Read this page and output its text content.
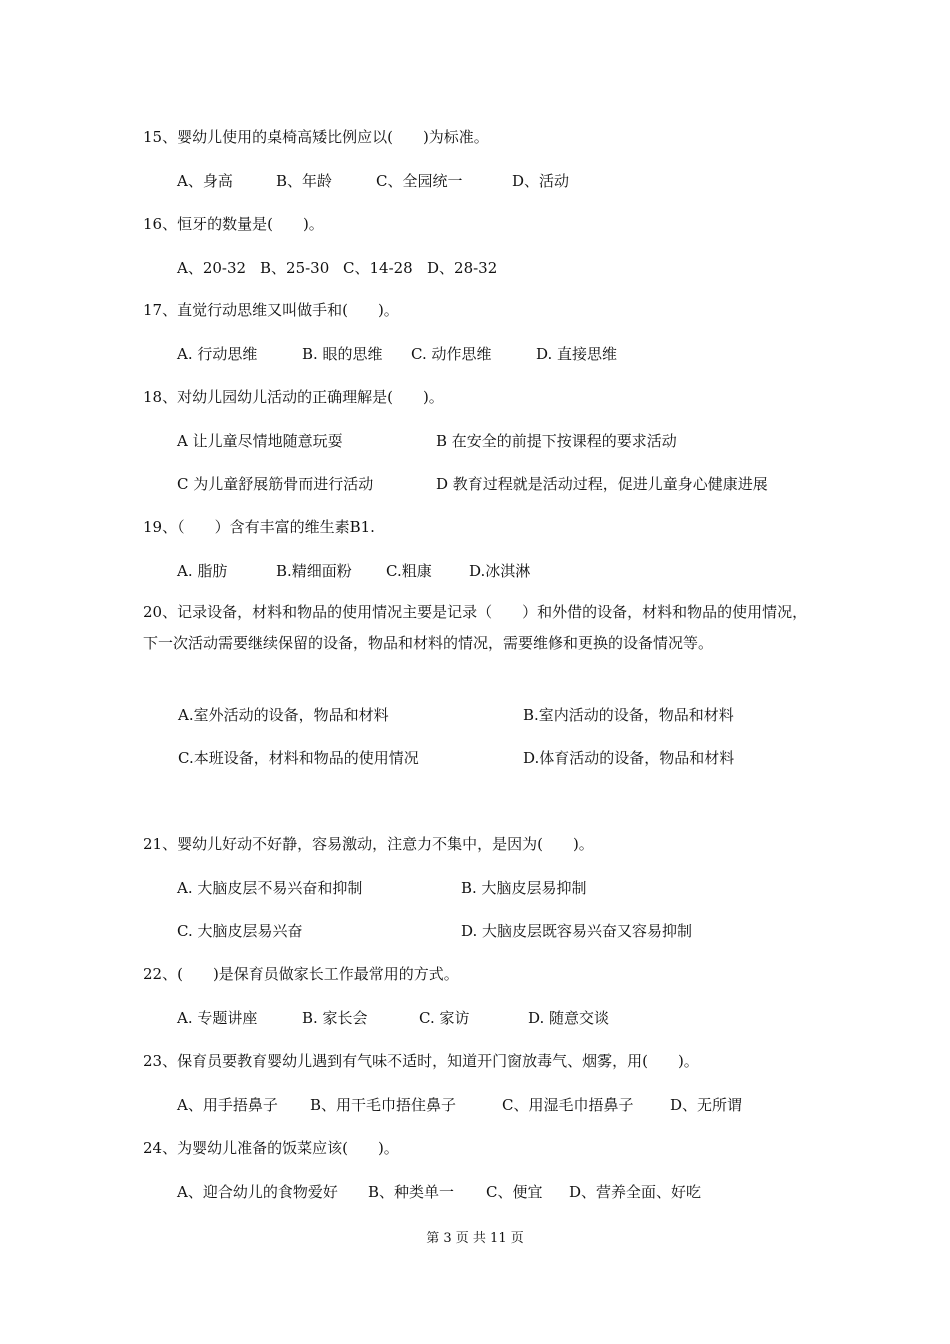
15、婴幼儿使用的桌椅高矮比例应以(　　)为标准。
A、身高	B、年龄	C、全园统一	D、活动
16、恒牙的数量是(　　)。
A、20-32 B、25-30 C、14-28 D、28-32
17、直觉行动思维又叫做手和(　　)。
A. 行动思维	B. 眼的思维 C. 动作思维	D. 直接思维
18、对幼儿园幼儿活动的正确理解是(　　)。
A 让儿童尽情地随意玩耍	B 在安全的前提下按课程的要求活动
C 为儿童舒展筋骨而进行活动	D 教育过程就是活动过程，促进儿童身心健康进展
19、（　　）含有丰富的维生素B1.
A. 脂肪	B.精细面粉 C.粗康 D.冰淇淋
20、记录设备，材料和物品的使用情况主要是记录（　　）和外借的设备，材料和物品的使用情况，下一次活动需要继续保留的设备，物品和材料的情况，需要维修和更换的设备情况等。
A.室外活动的设备，物品和材料	B.室内活动的设备，物品和材料
C.本班设备，材料和物品的使用情况	D.体育活动的设备，物品和材料
21、婴幼儿好动不好静，容易激动，注意力不集中，是因为(　　)。
A. 大脑皮层不易兴奋和抑制	B. 大脑皮层易抑制
C. 大脑皮层易兴奋	D. 大脑皮层既容易兴奋又容易抑制
22、(　　)是保育员做家长工作最常用的方式。
A. 专题讲座	B. 家长会	C. 家访	D. 随意交谈
23、保育员要教育婴幼儿遇到有气味不适时，知道开门窗放毒气、烟雾，用(　　)。
A、用手捂鼻子 B、用干毛巾捂住鼻子	C、用湿毛巾捂鼻子 D、无所谓
24、为婴幼儿准备的饭菜应该(　　)。
A、迎合幼儿的食物爱好 B、种类单一 C、便宜 D、营养全面、好吃
第 3 页 共 11 页
